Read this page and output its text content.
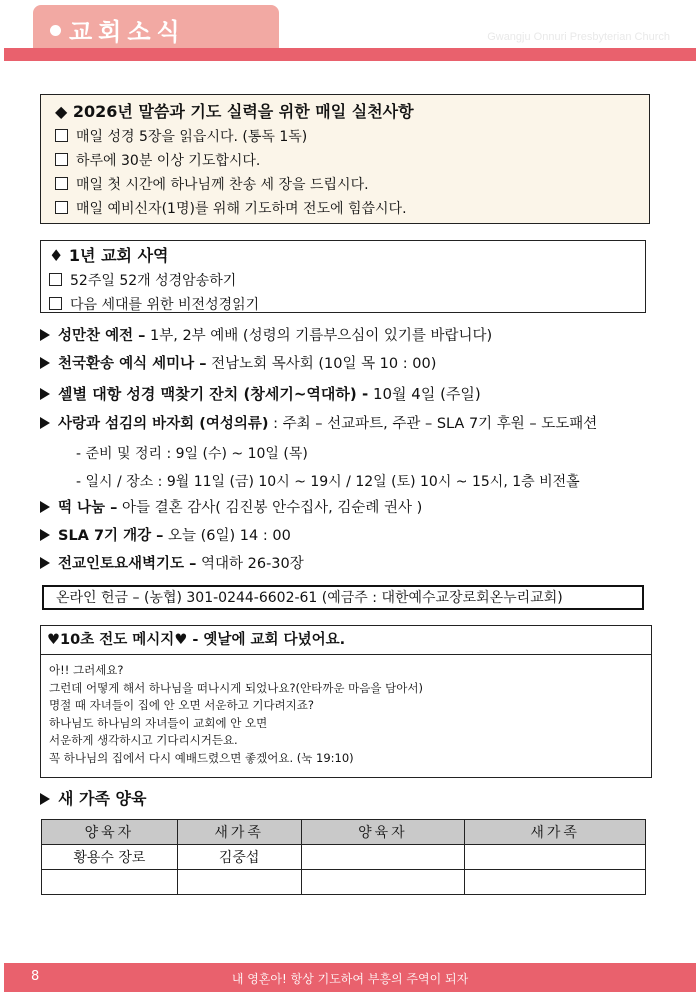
교회소식	Gwangju Onnuri Presbyterian Church
◆ 2026년 말씀과 기도 실력을 위한 매일 실천사항
매일 성경 5장을 읽읍시다. (통독 1독)
하루에 30분 이상 기도합시다.
매일 첫 시간에 하나님께 찬송 세 장을 드립시다.
매일 예비신자(1명)를 위해 기도하며 전도에 힘씁시다.
♦ 1년 교회 사역
52주일 52개 성경암송하기
다음 세대를 위한 비전성경읽기
성만찬 예전 – 1부, 2부 예배 (성령의 기름부으심이 있기를 바랍니다)
천국환송 예식 세미나 – 전남노회 목사회 (10일 목 10 : 00)
셀별 대항 성경 맥찾기 잔치 (창세기~역대하) - 10월 4일 (주일)
사랑과 섬김의 바자회 (여성의류) : 주최 – 선교파트, 주관 – SLA 7기 후원 – 도도패션
- 준비 및 정리 : 9일 (수) ~ 10일 (목)
- 일시 / 장소 : 9월 11일 (금) 10시 ~ 19시 / 12일 (토) 10시 ~ 15시, 1층 비전홀
떡 나눔 – 아들 결혼 감사( 김진봉 안수집사, 김순례 권사 )
SLA 7기 개강 – 오늘 (6일) 14 : 00
전교인토요새벽기도 – 역대하 26-30장
온라인 헌금 – (농협) 301-0244-6602-61 (예금주 : 대한예수교장로회온누리교회)
♥10초 전도 메시지♥ - 옛날에 교회 다녔어요.
아!! 그러세요?
그런데 어떻게 해서 하나님을 떠나시게 되었나요?(안타까운 마음을 담아서)
명절 때 자녀들이 집에 안 오면 서운하고 기다려지죠?
하나님도 하나님의 자녀들이 교회에 안 오면
서운하게 생각하시고 기다리시거든요.
꼭 하나님의 집에서 다시 예배드렸으면 좋겠어요. (눅 19:10)
새 가족 양육
양육자	새가족	양육자	새가족
황용수 장로	김중섭		

8	내 영혼아! 항상 기도하여 부흥의 주역이 되자
